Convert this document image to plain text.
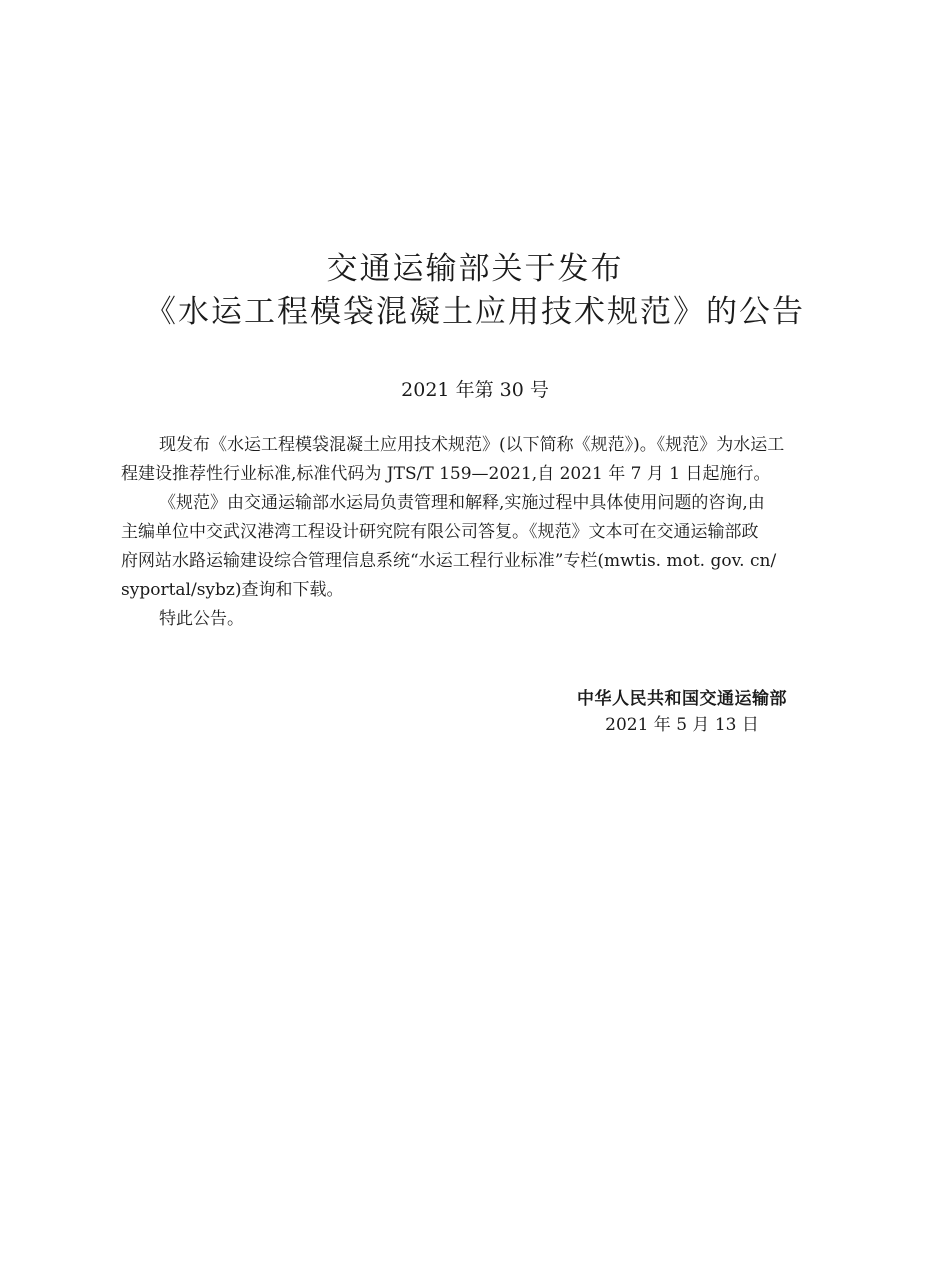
交通运输部关于发布
《水运工程模袋混凝土应用技术规范》的公告
2021 年第 30 号
现发布《水运工程模袋混凝土应用技术规范》(以下简称《规范》)。《规范》为水运工
程建设推荐性行业标准,标准代码为 JTS/T 159—2021,自 2021 年 7 月 1 日起施行。
《规范》由交通运输部水运局负责管理和解释,实施过程中具体使用问题的咨询,由
主编单位中交武汉港湾工程设计研究院有限公司答复。《规范》文本可在交通运输部政
府网站水路运输建设综合管理信息系统“水运工程行业标准”专栏(mwtis. mot. gov. cn/
syportal/sybz)查询和下载。
特此公告。
中华人民共和国交通运输部
2021 年 5 月 13 日
